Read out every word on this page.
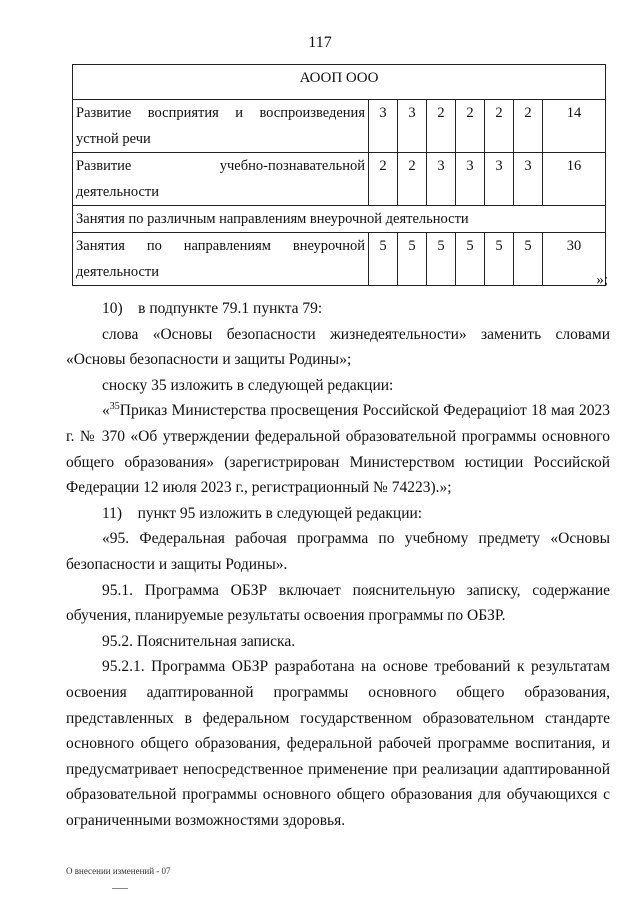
117
АООП ООО							
Развитие восприятия и воспроизведения
устной речи	3	3	2	2	2	2	14
Развитие учебно-познавательной деятельности	2	2	3	3	3	3	16
Занятия по различным направлениям внеурочной деятельности							
Занятия по направлениям внеурочной
деятельности	5	5	5	5	5	5	30
»;

10)    в подпункте 79.1 пункта 79:

слова «Основы безопасности жизнедеятельности» заменить словами «Основы безопасности и защиты Родины»;

сноску 35 изложить в следующей редакции:

«$^{35}$Приказ Министерства просвещения Российской Федерациiот 18 мая 2023 г. № 370 «Об утверждении федеральной образовательной программы основного общего образования» (зарегистрирован Министерством юстиции Российской Федерации 12 июля 2023 г., регистрационный № 74223).»;

11)    пункт 95 изложить в следующей редакции:

«95. Федеральная рабочая программа по учебному предмету «Основы безопасности и защиты Родины».

95.1. Программа ОБЗР включает пояснительную записку, содержание обучения, планируемые результаты освоения программы по ОБЗР.

95.2. Пояснительная записка.

95.2.1. Программа ОБЗР разработана на основе требований к результатам освоения адаптированной программы основного общего образования, представленных в федеральном государственном образовательном стандарте основного общего образования, федеральной рабочей программе воспитания, и предусматривает непосредственное применение при реализации адаптированной образовательной программы основного общего образования для обучающихся с ограниченными возможностями здоровья.

О внесении изменений - 07
